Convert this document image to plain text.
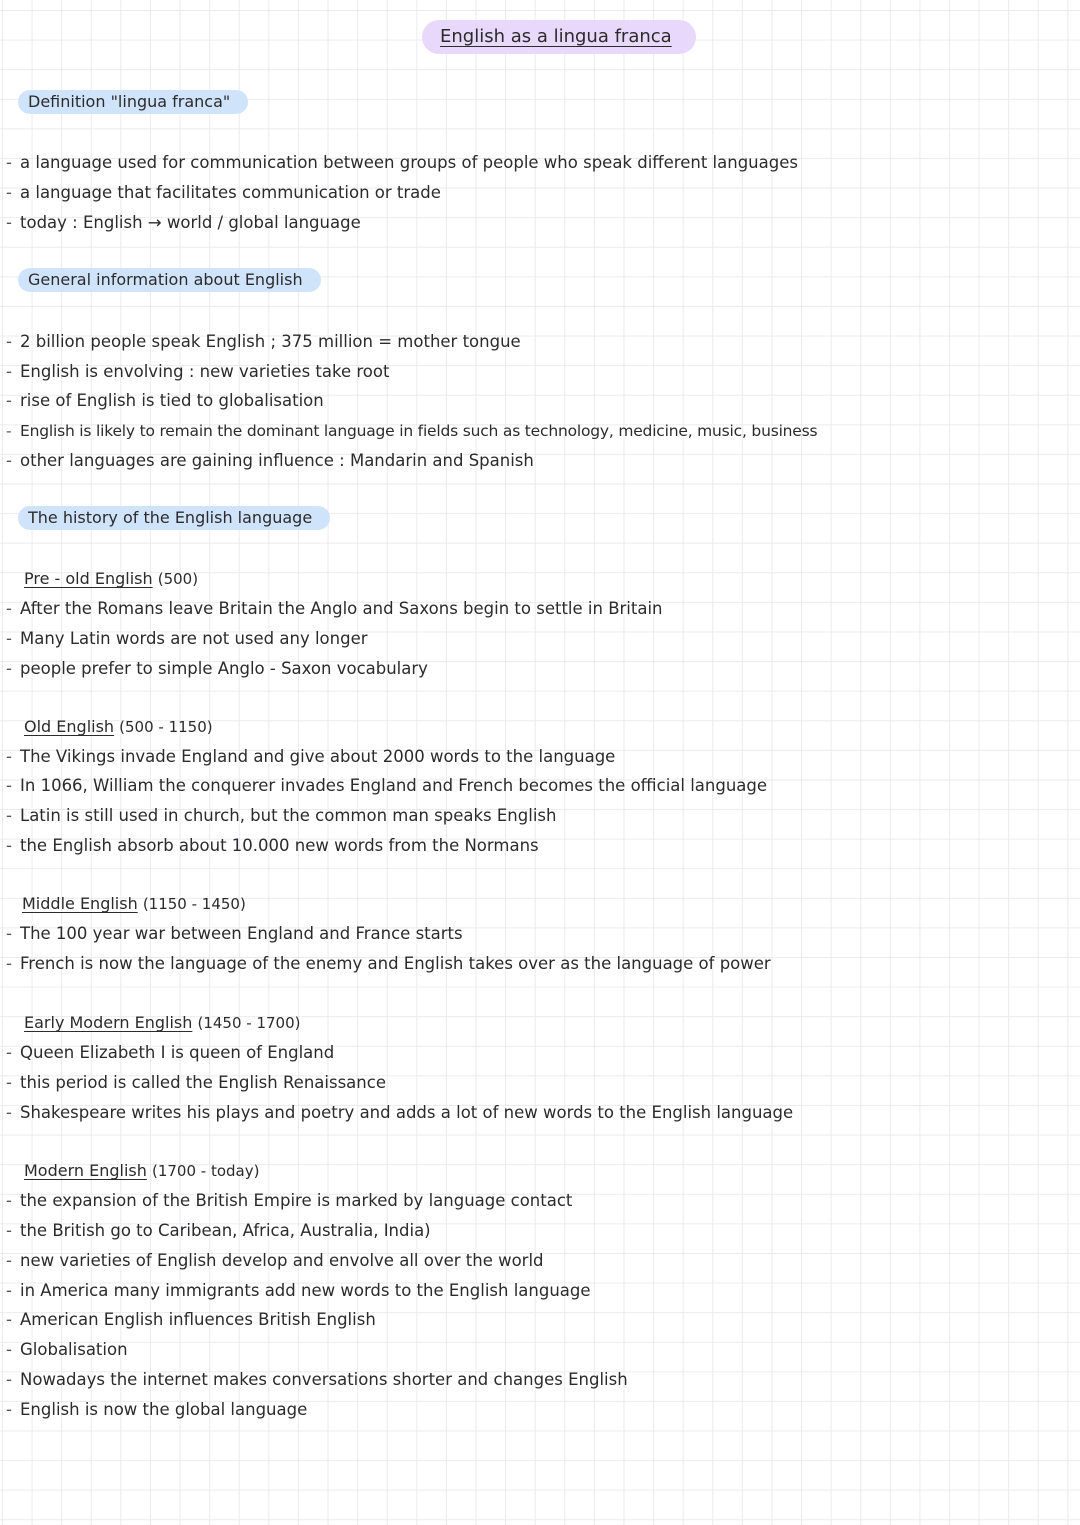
English as a lingua franca
Definition "lingua franca"
- a language used for communication between groups of people who speak different languages
- a language that facilitates communication or trade
- today : English → world / global language
General information about English
- 2 billion people speak English ; 375 million = mother tongue
- English is envolving : new varieties take root
- rise of English is tied to globalisation
- English is likely to remain the dominant language in fields such as technology, medicine, music, business
- other languages are gaining influence : Mandarin and Spanish
The history of the English language
Pre - old English (500)
- After the Romans leave Britain the Anglo and Saxons begin to settle in Britain
- Many Latin words are not used any longer
- people prefer to simple Anglo - Saxon vocabulary
Old English (500 - 1150)
- The Vikings invade England and give about 2000 words to the language
- In 1066, William the conquerer invades England and French becomes the official language
- Latin is still used in church, but the common man speaks English
- the English absorb about 10.000 new words from the Normans
Middle English (1150 - 1450)
- The 100 year war between England and France starts
- French is now the language of the enemy and English takes over as the language of power
Early Modern English (1450 - 1700)
- Queen Elizabeth I is queen of England
- this period is called the English Renaissance
- Shakespeare writes his plays and poetry and adds a lot of new words to the English language
Modern English (1700 - today)
- the expansion of the British Empire is marked by language contact
- the British go to Caribean, Africa, Australia, India)
- new varieties of English develop and envolve all over the world
- in America many immigrants add new words to the English language
- American English influences British English
- Globalisation
- Nowadays the internet makes conversations shorter and changes English
- English is now the global language
